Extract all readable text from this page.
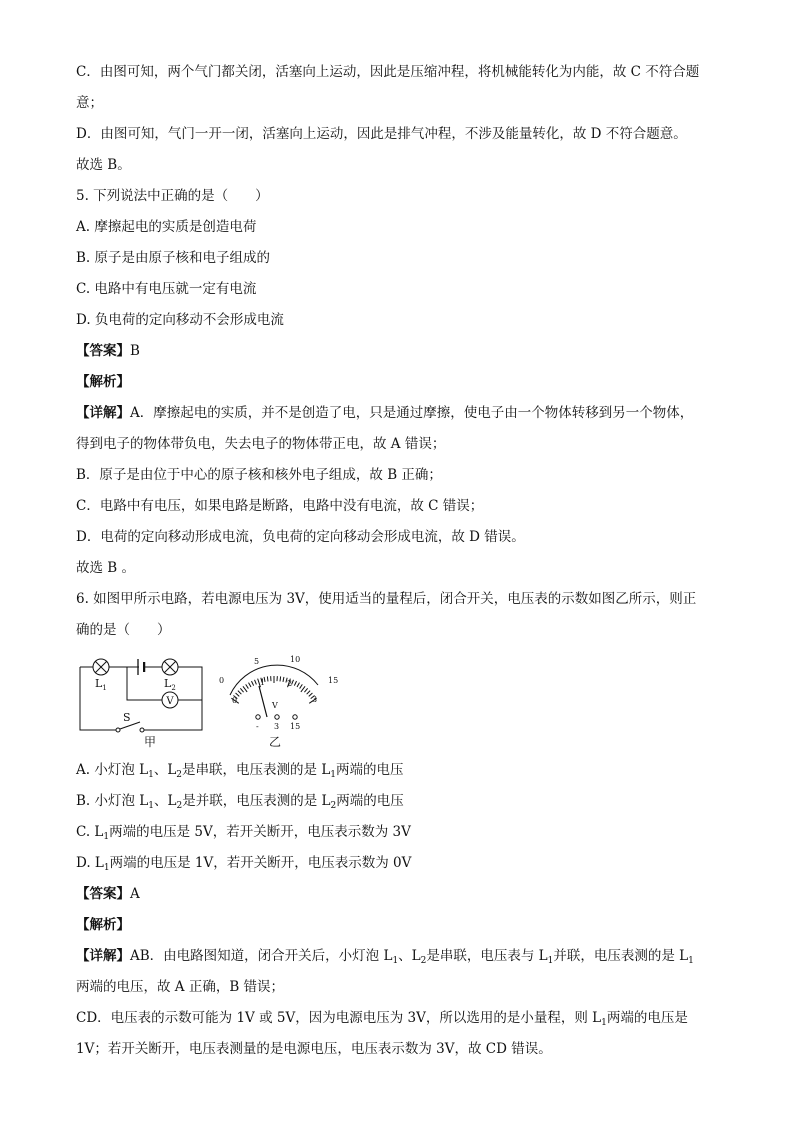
C．由图可知，两个气门都关闭，活塞向上运动，因此是压缩冲程，将机械能转化为内能，故 C 不符合题
意；
D．由图可知，气门一开一闭，活塞向上运动，因此是排气冲程，不涉及能量转化，故 D 不符合题意。
故选 B。
5. 下列说法中正确的是（　　）
A. 摩擦起电的实质是创造电荷
B. 原子是由原子核和电子组成的
C. 电路中有电压就一定有电流
D. 负电荷的定向移动不会形成电流
【答案】B
【解析】
【详解】A．摩擦起电的实质，并不是创造了电，只是通过摩擦，使电子由一个物体转移到另一个物体，
得到电子的物体带负电，失去电子的物体带正电，故 A 错误；
B．原子是由位于中心的原子核和核外电子组成，故 B 正确；
C．电路中有电压，如果电路是断路，电路中没有电流，故 C 错误；
D．电荷的定向移动形成电流，负电荷的定向移动会形成电流，故 D 错误。
故选 B 。
6. 如图甲所示电路，若电源电压为 3V，使用适当的量程后，闭合开关，电压表的示数如图乙所示，则正
确的是（　　）
V
$L_1$	$L_2$
S
甲
0
5	10
15
0
1	2
3
V
- 3 15
乙
A. 小灯泡 $L_1$、$L_2$是串联，电压表测的是 $L_1$两端的电压
B. 小灯泡 $L_1$、$L_2$是并联，电压表测的是 $L_2$两端的电压
C. $L_1$两端的电压是 5V，若开关断开，电压表示数为 3V
D. $L_1$两端的电压是 1V，若开关断开，电压表示数为 0V
【答案】A
【解析】
【详解】AB．由电路图知道，闭合开关后，小灯泡 $L_1$、$L_2$是串联，电压表与 $L_1$并联，电压表测的是 $L_1$
两端的电压，故 A 正确，B 错误；
CD．电压表的示数可能为 1V 或 5V，因为电源电压为 3V，所以选用的是小量程，则 $L_1$两端的电压是
1V；若开关断开，电压表测量的是电源电压，电压表示数为 3V，故 CD 错误。
